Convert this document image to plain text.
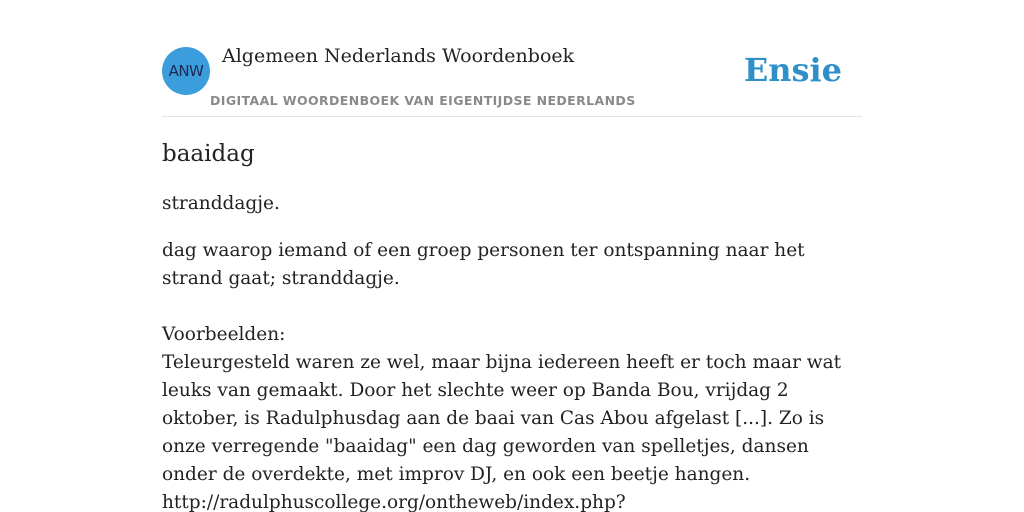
ANW
Algemeen Nederlands Woordenboek
DIGITAAL WOORDENBOEK VAN EIGENTIJDSE NEDERLANDS
Ensie
baaidag

stranddagje.

dag waarop iemand of een groep personen ter ontspanning naar het strand gaat; stranddagje.

Voorbeelden:
Teleurgesteld waren ze wel, maar bijna iedereen heeft er toch maar wat leuks van gemaakt. Door het slechte weer op Banda Bou, vrijdag 2 oktober, is Radulphusdag aan de baai van Cas Abou afgelast [...]. Zo is onze verregende "baaidag" een dag geworden van spelletjes, dansen onder de overdekte, met improv DJ, en ook een beetje hangen.
http://radulphuscollege.org/ontheweb/index.php?
